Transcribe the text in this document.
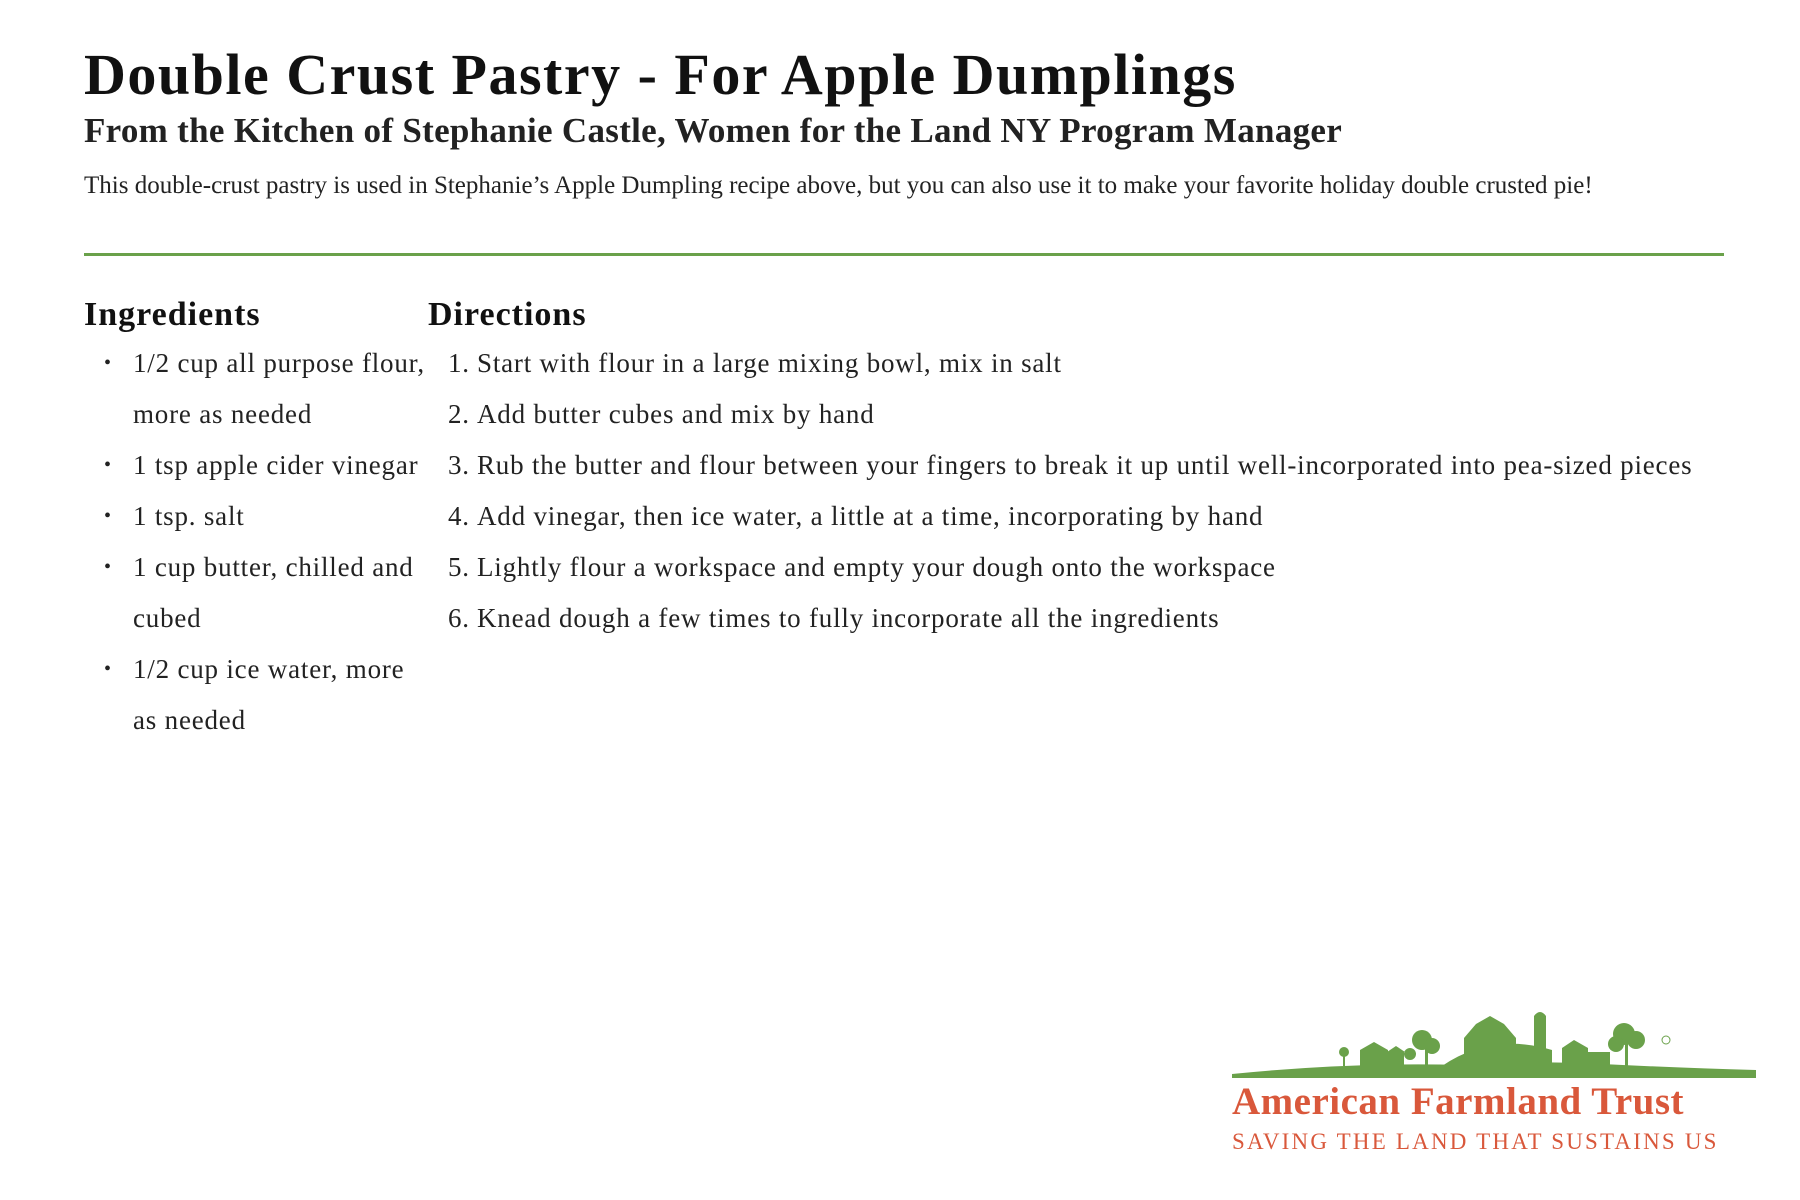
Double Crust Pastry - For Apple Dumplings
From the Kitchen of Stephanie Castle, Women for the Land NY Program Manager

This double-crust pastry is used in Stephanie’s Apple Dumpling recipe above, but you can also use it to make your favorite holiday double crusted pie!

Ingredients
• 1/2 cup all purpose flour, more as needed
• 1 tsp apple cider vinegar
• 1 tsp. salt
• 1 cup butter, chilled and cubed
• 1/2 cup ice water, more as needed
Directions
1. Start with flour in a large mixing bowl, mix in salt
2. Add butter cubes and mix by hand
3. Rub the butter and flour between your fingers to break it up until well-incorporated into pea-sized pieces
4. Add vinegar, then ice water, a little at a time, incorporating by hand
5. Lightly flour a workspace and empty your dough onto the workspace
6. Knead dough a few times to fully incorporate all the ingredients
American Farmland Trust
SAVING THE LAND THAT SUSTAINS US
